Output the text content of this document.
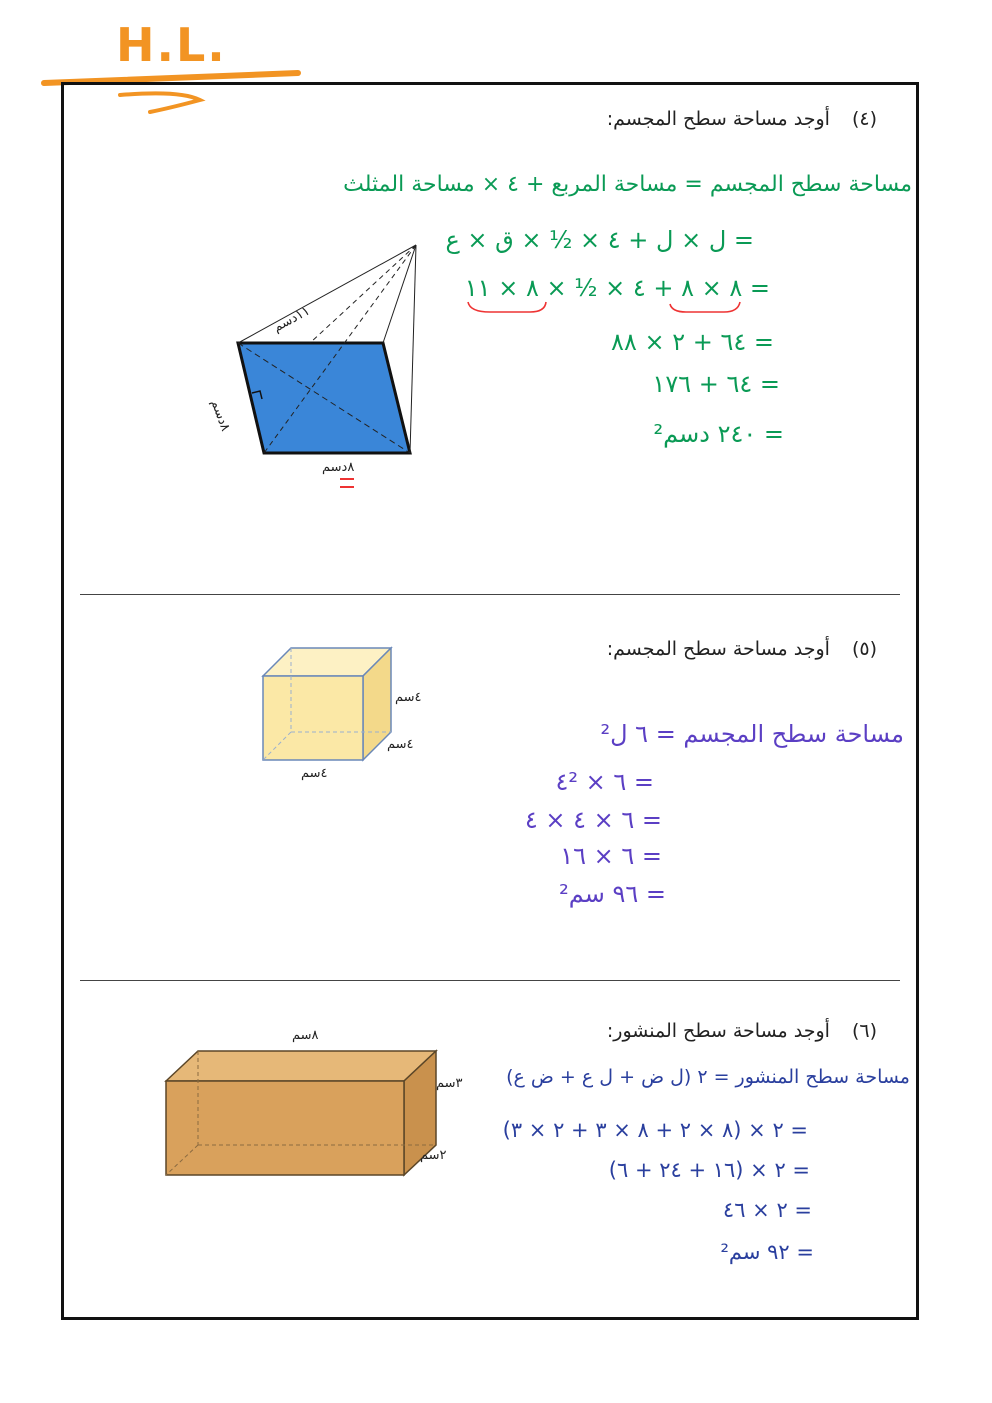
H.L.
(٤)أوجد مساحة سطح المجسم:
١١دسم
٨دسم
٨دسم
مساحة سطح المجسم = مساحة المربع + ٤ × مساحة المثلث
= ل × ل + ٤ × ½ × ق × ع
= ٨ × ٨ + ٤ × ½ × ٨ × ١١
= ٦٤ + ٢ × ٨٨
= ٦٤ + ١٧٦
= ٢٤٠ دسم²
(٥)أوجد مساحة سطح المجسم:
٤سم
٤سم
٤سم
مساحة سطح المجسم = ٦ ل²
= ٦ × ٤²
= ٦ × ٤ × ٤
= ٦ × ١٦
= ٩٦ سم²
(٦)أوجد مساحة سطح المنشور:
٨سم
٣سم
٢سم
مساحة سطح المنشور = ٢ (ل ض + ل ع + ض ع)
= ٢ × (٨ × ٢ + ٨ × ٣ + ٢ × ٣)
= ٢ × (١٦ + ٢٤ + ٦)
= ٢ × ٤٦
= ٩٢ سم²
